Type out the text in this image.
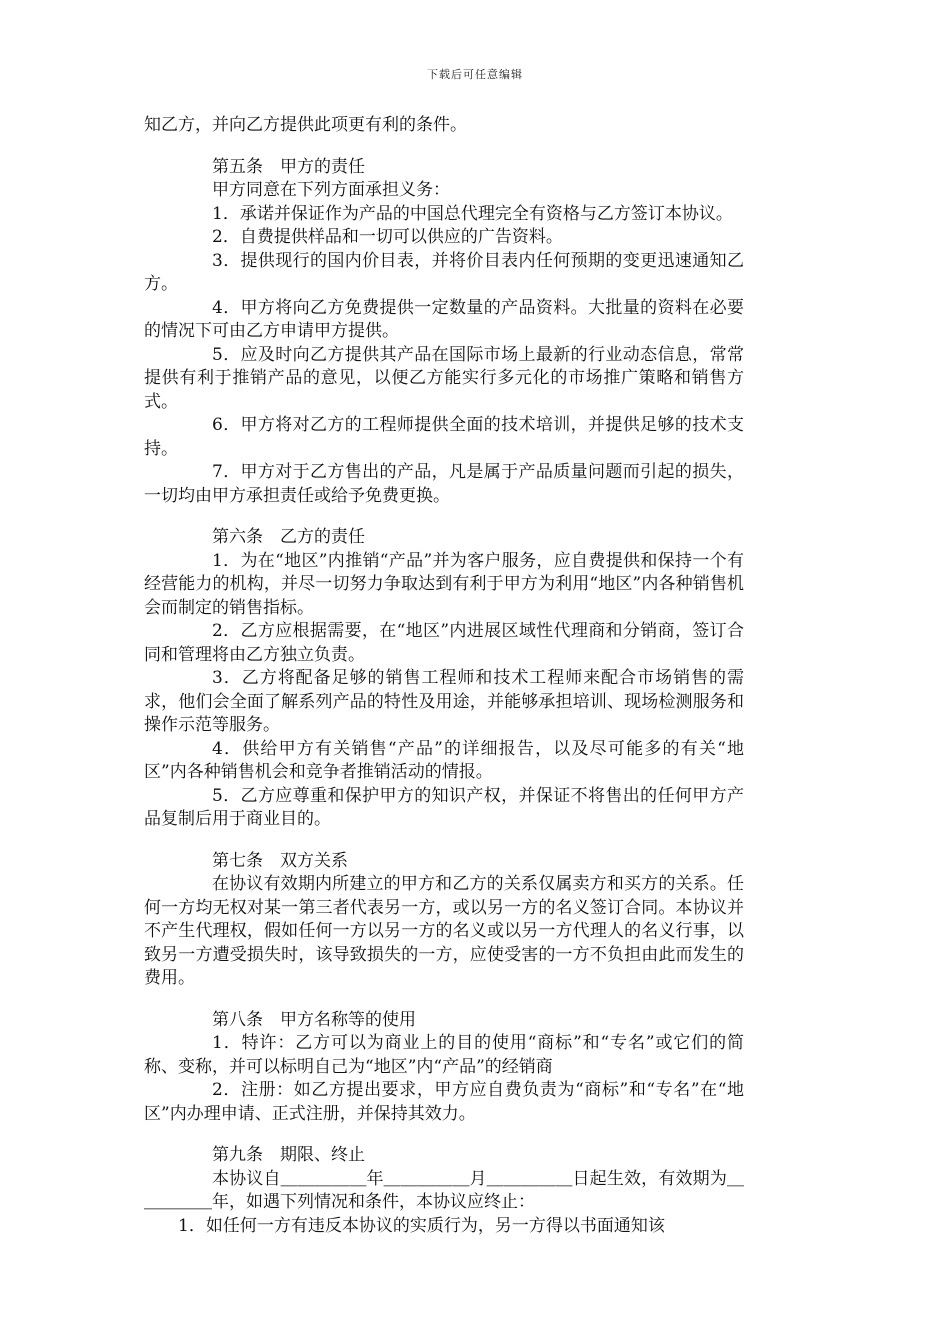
下载后可任意编辑

知乙方，并向乙方提供此项更有利的条件。

第五条　甲方的责任

甲方同意在下列方面承担义务：

1．承诺并保证作为产品的中国总代理完全有资格与乙方签订本协议。

2．自费提供样品和一切可以供应的广告资料。

3．提供现行的国内价目表，并将价目表内任何预期的变更迅速通知乙方。

4．甲方将向乙方免费提供一定数量的产品资料。大批量的资料在必要的情况下可由乙方申请甲方提供。

5．应及时向乙方提供其产品在国际市场上最新的行业动态信息，常常提供有利于推销产品的意见，以便乙方能实行多元化的市场推广策略和销售方式。

6．甲方将对乙方的工程师提供全面的技术培训，并提供足够的技术支持。

7．甲方对于乙方售出的产品，凡是属于产品质量问题而引起的损失，一切均由甲方承担责任或给予免费更换。

第六条　乙方的责任

1．为在“地区”内推销“产品”并为客户服务，应自费提供和保持一个有经营能力的机构，并尽一切努力争取达到有利于甲方为利用“地区”内各种销售机会而制定的销售指标。

2．乙方应根据需要，在“地区”内进展区域性代理商和分销商，签订合同和管理将由乙方独立负责。

3．乙方将配备足够的销售工程师和技术工程师来配合市场销售的需求，他们会全面了解系列产品的特性及用途，并能够承担培训、现场检测服务和操作示范等服务。

4．供给甲方有关销售“产品”的详细报告，以及尽可能多的有关“地区”内各种销售机会和竞争者推销活动的情报。

5．乙方应尊重和保护甲方的知识产权，并保证不将售出的任何甲方产品复制后用于商业目的。

第七条　双方关系

在协议有效期内所建立的甲方和乙方的关系仅属卖方和买方的关系。任何一方均无权对某一第三者代表另一方，或以另一方的名义签订合同。本协议并不产生代理权，假如任何一方以另一方的名义或以另一方代理人的名义行事，以致另一方遭受损失时，该导致损失的一方，应使受害的一方不负担由此而发生的费用。

第八条　甲方名称等的使用

1．特许：乙方可以为商业上的目的使用“商标”和“专名”或它们的简称、变称，并可以标明自己为“地区”内“产品”的经销商

2．注册：如乙方提出要求，甲方应自费负责为“商标”和“专名”在“地区”内办理申请、正式注册，并保持其效力。

第九条　期限、终止

本协议自＿＿＿＿＿年＿＿＿＿＿月＿＿＿＿＿日起生效，有效期为＿＿＿＿＿年，如遇下列情况和条件，本协议应终止：

1．如任何一方有违反本协议的实质行为，另一方得以书面通知该
